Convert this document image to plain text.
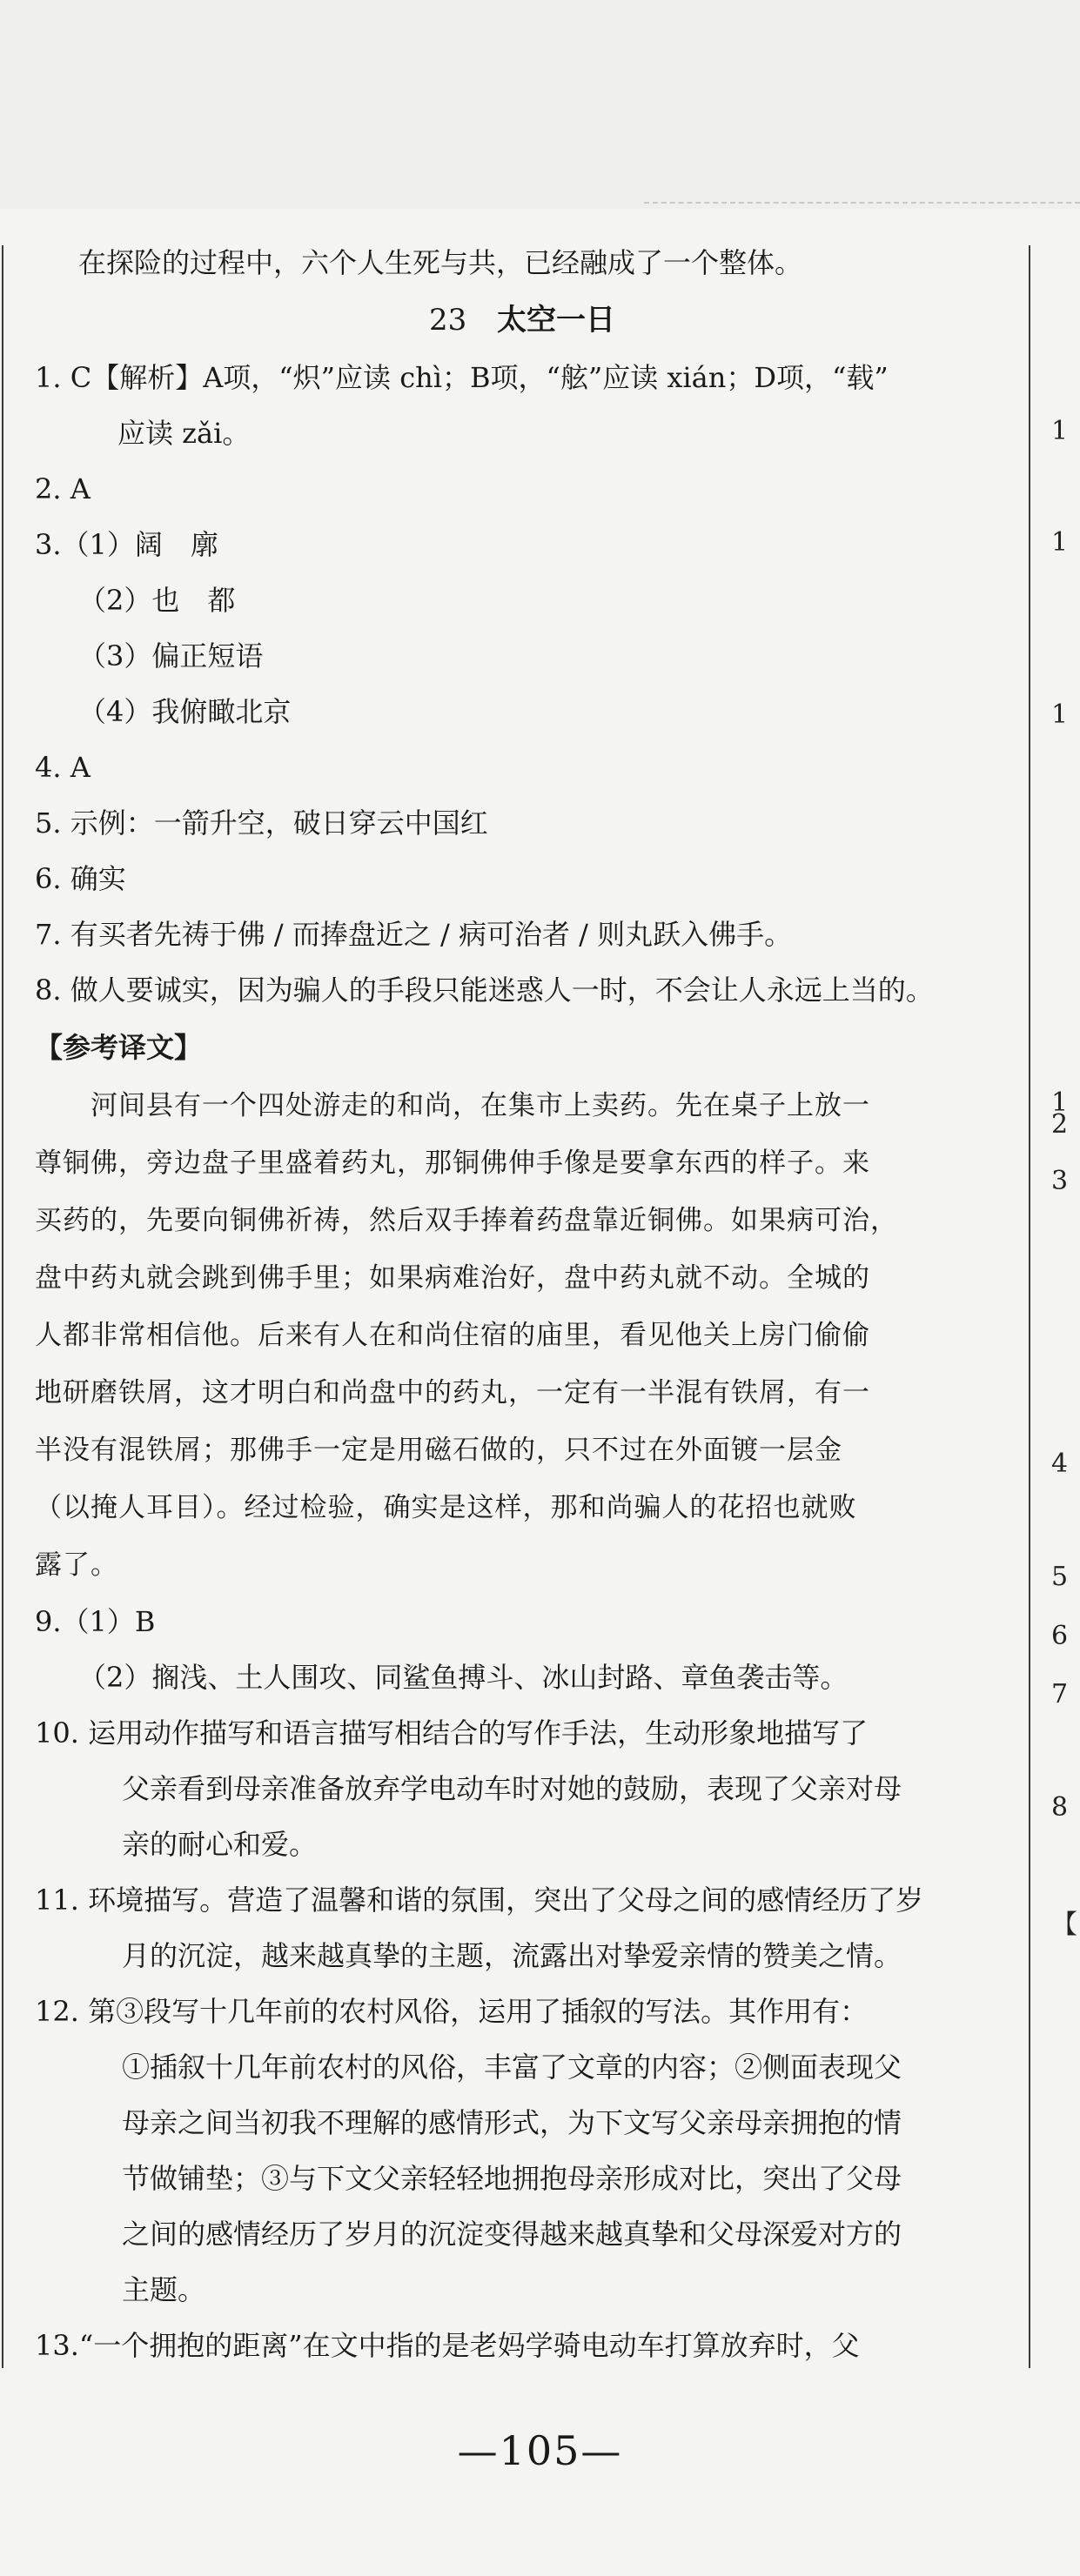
1
1
1
1
2
3
4
5
6
7
8
【
在探险的过程中，六个人生死与共，已经融成了一个整体。
23 太空一日
1. C【解析】A项，“炽”应读 chì；B项，“舷”应读 xián；D项，“载”
应读 zǎi。
2. A
3.（1）阔　廓
（2）也　都
（3）偏正短语
（4）我俯瞰北京
4. A
5. 示例：一箭升空，破日穿云中国红
6. 确实
7. 有买者先祷于佛 / 而捧盘近之 / 病可治者 / 则丸跃入佛手。
8. 做人要诚实，因为骗人的手段只能迷惑人一时，不会让人永远上当的。
【参考译文】
河间县有一个四处游走的和尚，在集市上卖药。先在桌子上放一
尊铜佛，旁边盘子里盛着药丸，那铜佛伸手像是要拿东西的样子。来
买药的，先要向铜佛祈祷，然后双手捧着药盘靠近铜佛。如果病可治，
盘中药丸就会跳到佛手里；如果病难治好，盘中药丸就不动。全城的
人都非常相信他。后来有人在和尚住宿的庙里，看见他关上房门偷偷
地研磨铁屑，这才明白和尚盘中的药丸，一定有一半混有铁屑，有一
半没有混铁屑；那佛手一定是用磁石做的，只不过在外面镀一层金
（以掩人耳目）。经过检验，确实是这样，那和尚骗人的花招也就败
露了。
9.（1）B
（2）搁浅、土人围攻、同鲨鱼搏斗、冰山封路、章鱼袭击等。
10. 运用动作描写和语言描写相结合的写作手法，生动形象地描写了
父亲看到母亲准备放弃学电动车时对她的鼓励，表现了父亲对母
亲的耐心和爱。
11. 环境描写。营造了温馨和谐的氛围，突出了父母之间的感情经历了岁
月的沉淀，越来越真挚的主题，流露出对挚爱亲情的赞美之情。
12. 第③段写十几年前的农村风俗，运用了插叙的写法。其作用有：
①插叙十几年前农村的风俗，丰富了文章的内容；②侧面表现父
母亲之间当初我不理解的感情形式，为下文写父亲母亲拥抱的情
节做铺垫；③与下文父亲轻轻地拥抱母亲形成对比，突出了父母
之间的感情经历了岁月的沉淀变得越来越真挚和父母深爱对方的
主题。
13.“一个拥抱的距离”在文中指的是老妈学骑电动车打算放弃时，父
—105—
